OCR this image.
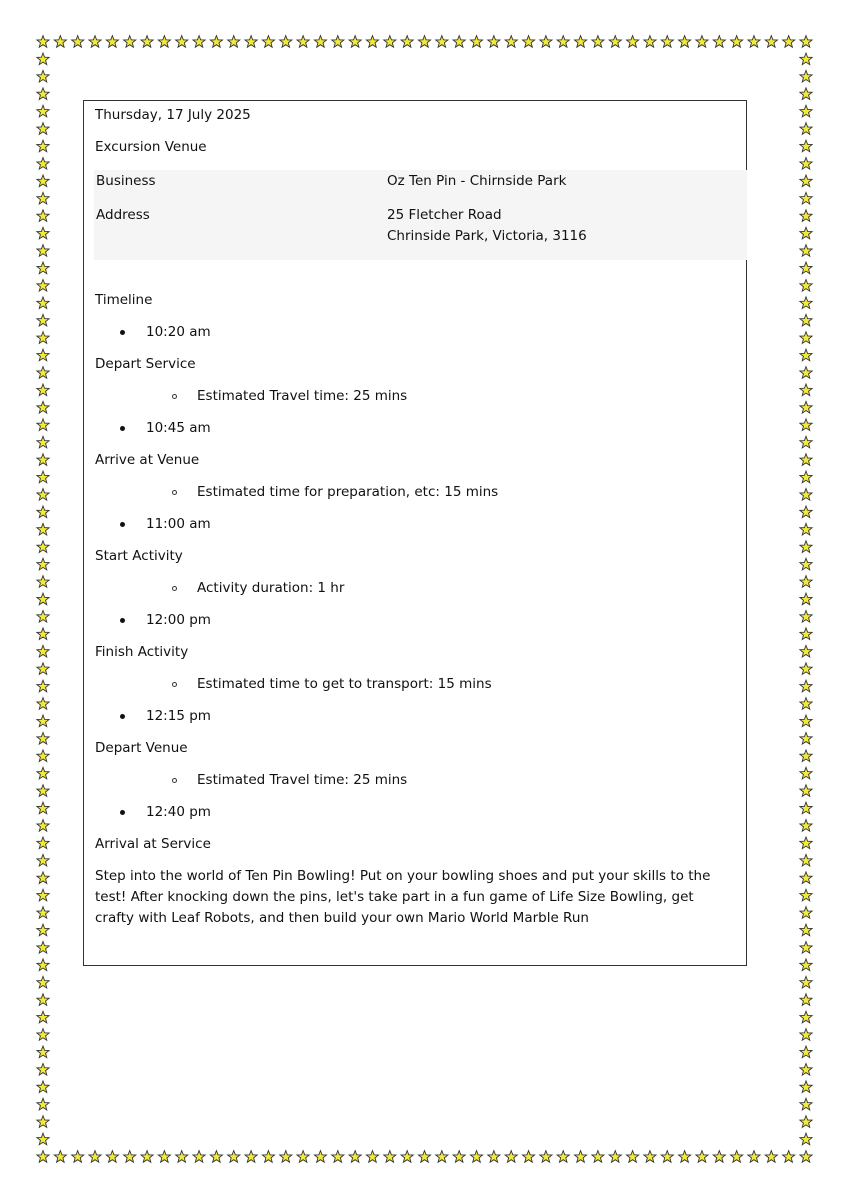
Thursday, 17 July 2025
Excursion Venue
Business	Oz Ten Pin - Chirnside Park
Address	25 Fletcher Road
Chrinside Park, Victoria, 3116
Timeline
10:20 am
Depart Service
Estimated Travel time: 25 mins
10:45 am
Arrive at Venue
Estimated time for preparation, etc: 15 mins
11:00 am
Start Activity
Activity duration: 1 hr
12:00 pm
Finish Activity
Estimated time to get to transport: 15 mins
12:15 pm
Depart Venue
Estimated Travel time: 25 mins
12:40 pm
Arrival at Service
Step into the world of Ten Pin Bowling! Put on your bowling shoes and put your skills to the test! After knocking down the pins, let's take part in a fun game of Life Size Bowling, get crafty with Leaf Robots, and then build your own Mario World Marble Run
